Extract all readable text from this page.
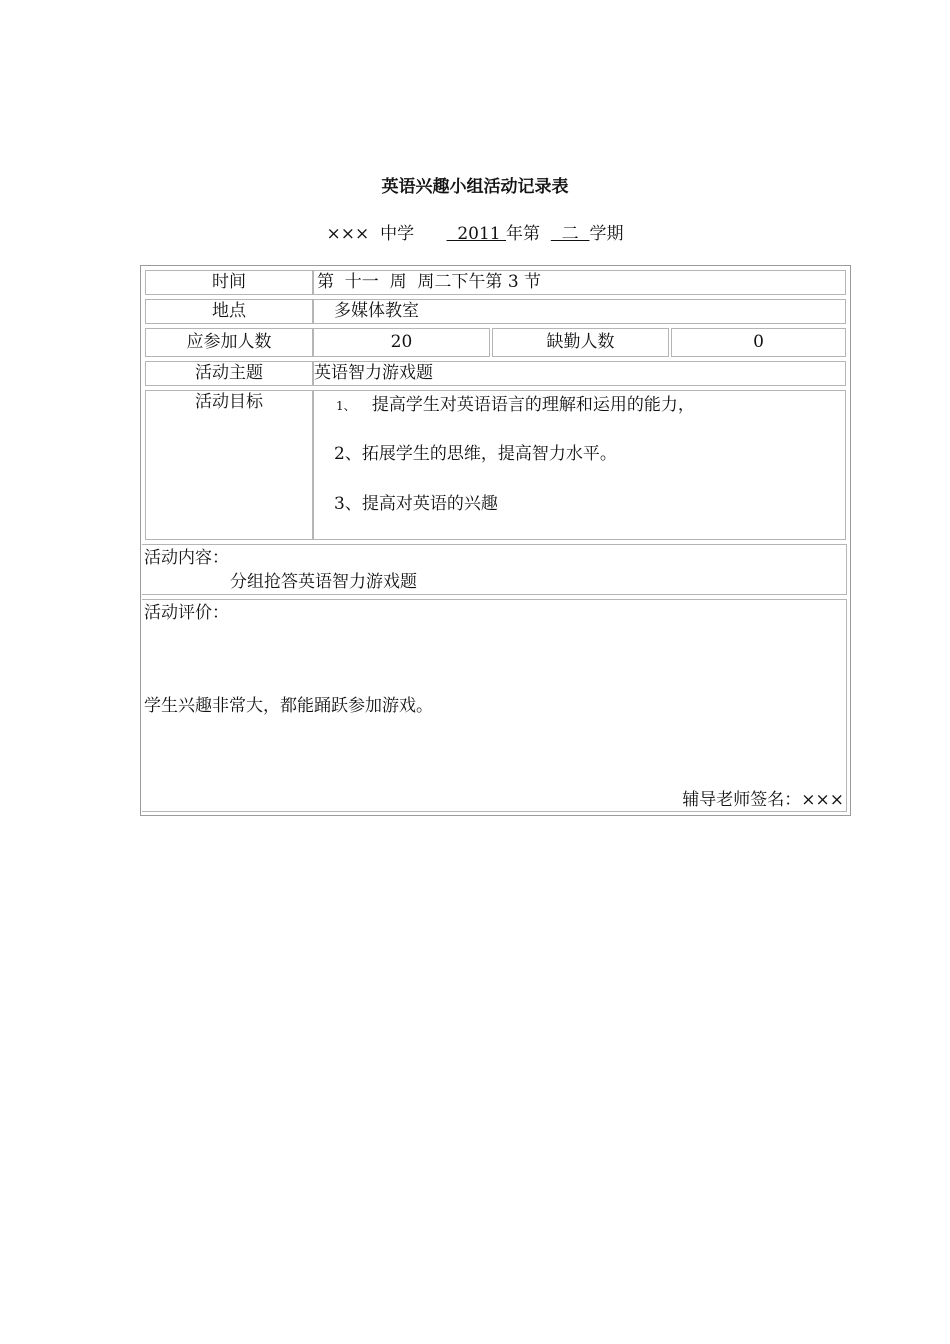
英语兴趣小组活动记录表
×××  中学        2011 年第    二  学期
时间	第  十一  周  周二下午第 3 节
地点	多媒体教室
应参加人数	20	缺勤人数	0
活动主题	英语智力游戏题
活动目标	1、 提高学生对英语语言的理解和运用的能力，
2、拓展学生的思维，提高智力水平。
3、提高对英语的兴趣
活动内容：
分组抢答英语智力游戏题
活动评价：
学生兴趣非常大，都能踊跃参加游戏。
辅导老师签名：×××
